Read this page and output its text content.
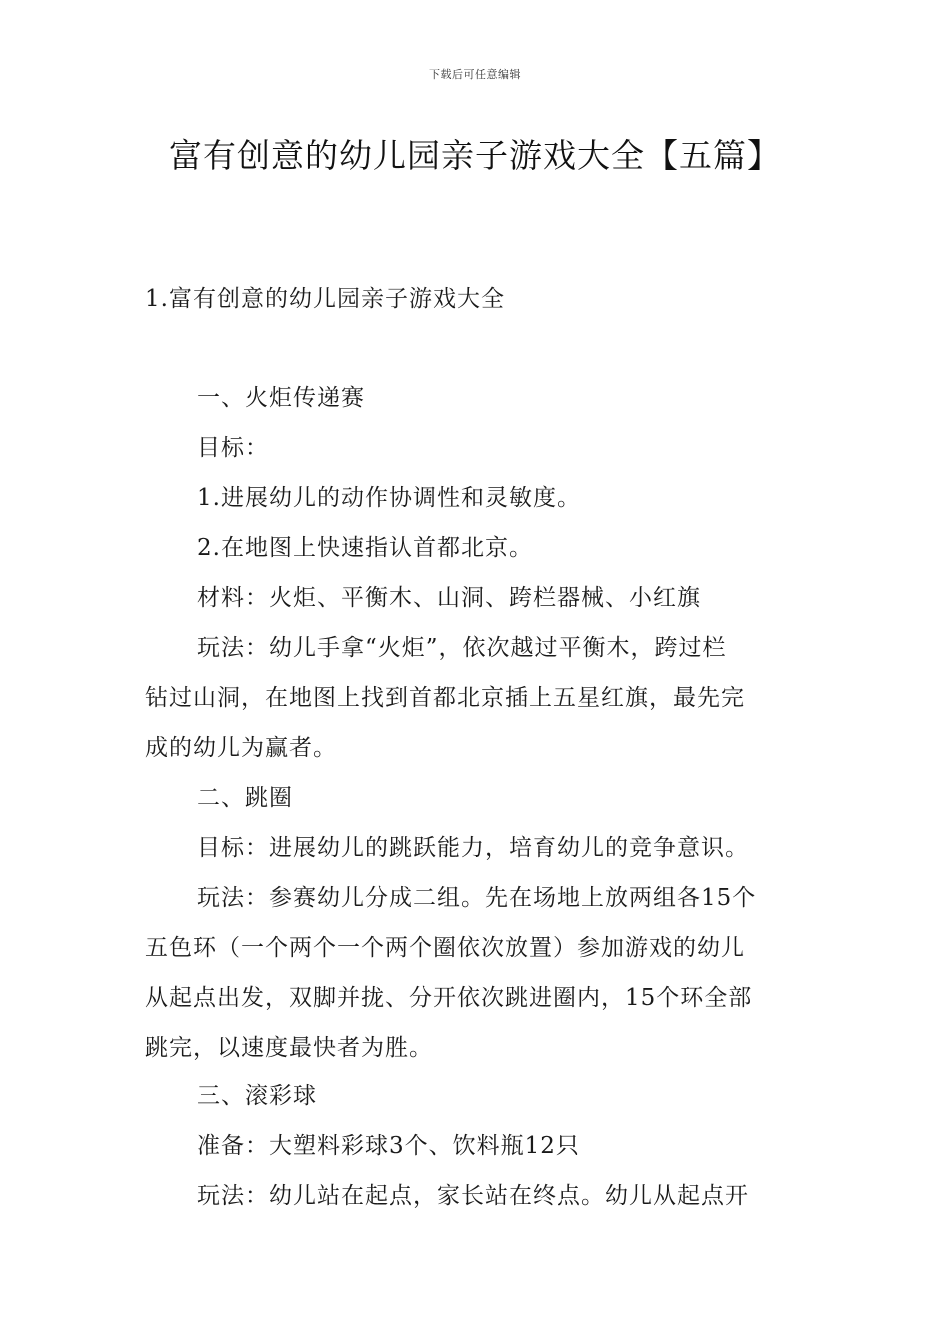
下载后可任意编辑
富有创意的幼儿园亲子游戏大全【五篇】
1.富有创意的幼儿园亲子游戏大全
一、火炬传递赛
目标：
1.进展幼儿的动作协调性和灵敏度。
2.在地图上快速指认首都北京。
材料：火炬、平衡木、山洞、跨栏器械、小红旗
玩法：幼儿手拿“火炬”，依次越过平衡木，跨过栏
钻过山洞，在地图上找到首都北京插上五星红旗，最先完
成的幼儿为赢者。
二、跳圈
目标：进展幼儿的跳跃能力，培育幼儿的竞争意识。
玩法：参赛幼儿分成二组。先在场地上放两组各15个
五色环（一个两个一个两个圈依次放置）参加游戏的幼儿
从起点出发，双脚并拢、分开依次跳进圈内，15个环全部
跳完，以速度最快者为胜。
三、滚彩球
准备：大塑料彩球3个、饮料瓶12只
玩法：幼儿站在起点，家长站在终点。幼儿从起点开
